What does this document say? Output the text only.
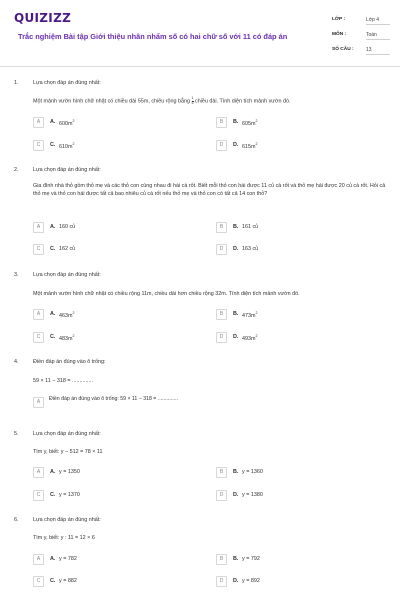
QUIZIZZ
Trắc nghiệm Bài tập Giới thiệu nhân nhẩm số có hai chữ số với 11 có đáp án
LỚP :	Lớp 4
MÔN :	Toán
SỐ CÂU : 13
1.	Lựa chọn đáp án đúng nhất:
Một mảnh vườn hình chữ nhật có chiều dài 55m, chiều rộng bằng $\frac{1}{5}$ chiều dài. Tính diện tích mảnh vườn đó.
A	A. $600m^2$	B	B. $605m^2$
C	C. $610m^2$	D	D. $615m^2$
2.	Lựa chọn đáp án đúng nhất:
Gia đình nhà thỏ gồm thỏ mẹ và các thỏ con cùng nhau đi hái cà rốt. Biết mỗi thỏ con hái được 11 củ cà rốt và thỏ mẹ hái được 20 củ cà rốt. Hỏi cả thỏ mẹ và thỏ con hái được tất cả bao nhiêu củ cà rốt nếu thỏ mẹ và thỏ con có tất cả 14 con thỏ?
A	A. 160 củ	B	B. 161 củ
C	C. 162 củ	D	D. 163 củ
3.	Lựa chọn đáp án đúng nhất:
Một mảnh vườn hình chữ nhật có chiều rộng 11m, chiều dài hơn chiều rộng 32m. Tính diện tích mảnh vườn đó.
A	A. $463m^2$	B	B. $473m^2$
C	C. $483m^2$	D	D. $493m^2$
4.	Điền đáp án đúng vào ô trống:
59 × 11 − 318 = ..............
A	Điền đáp án đúng vào ô trống: 59 × 11 − 318 = ..............
5.	Lựa chọn đáp án đúng nhất:
Tìm y, biết: y − 512 = 78 × 11
A	A. y = 1350	B	B. y = 1360
C	C. y = 1370	D	D. y = 1380
6.	Lựa chọn đáp án đúng nhất:
Tìm y, biết: y : 11 = 12 × 6
A	A. y = 782	B	B. y = 792
C	C. y = 882	D	D. y = 892
